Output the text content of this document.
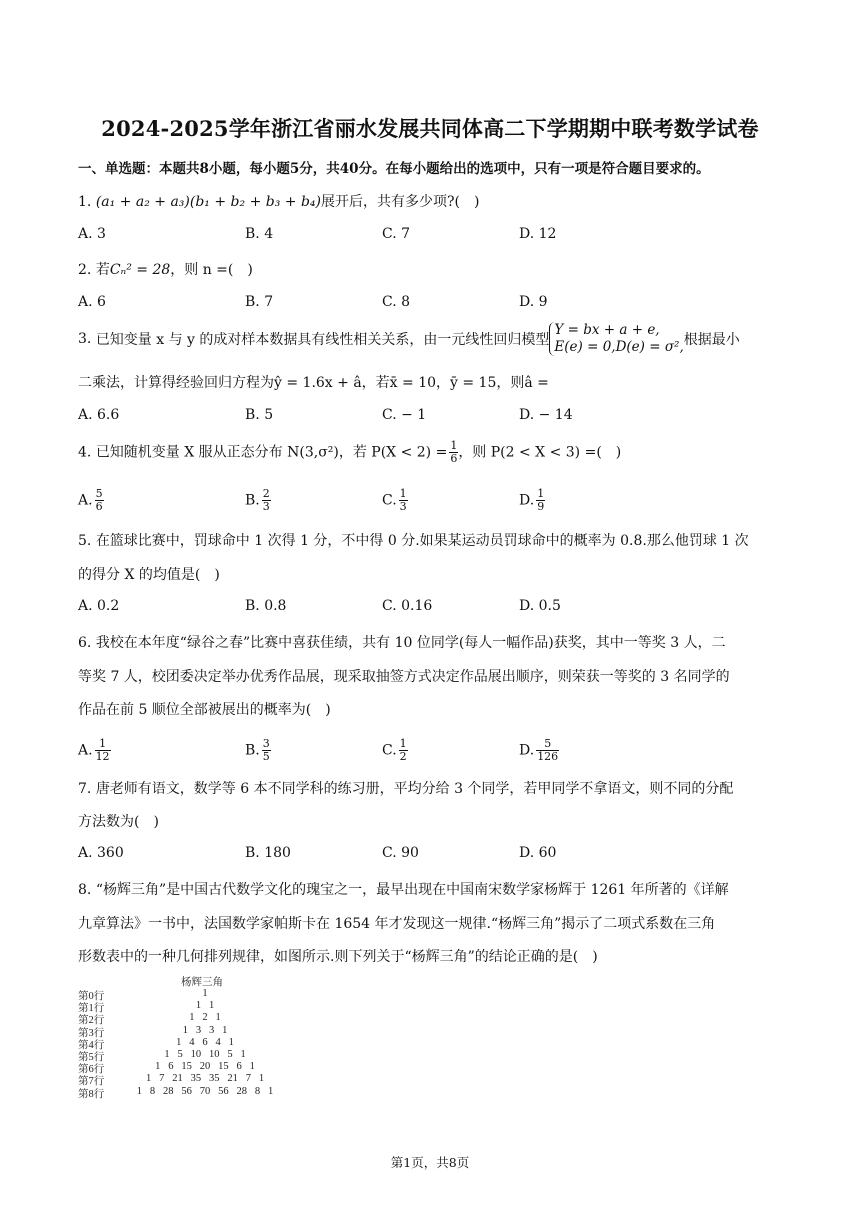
2024-2025学年浙江省丽水发展共同体高二下学期期中联考数学试卷
一、单选题：本题共8小题，每小题5分，共40分。在每小题给出的选项中，只有一项是符合题目要求的。
1. (a₁ + a₂ + a₃)(b₁ + b₂ + b₃ + b₄)展开后，共有多少项?(　)
A. 3	B. 4	C. 7	D. 12
2. 若Cₙ² = 28，则 n =(　)
A. 6	B. 7	C. 8	D. 9
3. 已知变量 x 与 y 的成对样本数据具有线性相关关系，由一元线性回归模型
Y = bx + a + e,
E(e) = 0,D(e) = σ², 根据最小
二乘法，计算得经验回归方程为ŷ = 1.6x + â，若x̄ = 10，ȳ = 15，则â =
A. 6.6	B. 5	C. − 1	D. − 14
4. 已知随机变量 X 服从正态分布 N(3,σ²)，若 $P(X < 2) = \frac{1}{6}$ ，则 P(2 < X < 3) =(　)
A. $\frac{5}{6}$	B. $\frac{2}{3}$	C. $\frac{1}{3}$	D. $\frac{1}{9}$
5. 在篮球比赛中，罚球命中 1 次得 1 分，不中得 0 分.如果某运动员罚球命中的概率为 0.8.那么他罚球 1 次
的得分 X 的均值是(　)
A. 0.2	B. 0.8	C. 0.16	D. 0.5
6. 我校在本年度“绿谷之春”比赛中喜获佳绩，共有 10 位同学(每人一幅作品)获奖，其中一等奖 3 人，二
等奖 7 人，校团委决定举办优秀作品展，现采取抽签方式决定作品展出顺序，则荣获一等奖的 3 名同学的
作品在前 5 顺位全部被展出的概率为(　)
A. $\frac{1}{12}$	B. $\frac{3}{5}$	C. $\frac{1}{2}$	D. $\frac{5}{126}$
7. 唐老师有语文，数学等 6 本不同学科的练习册，平均分给 3 个同学，若甲同学不拿语文，则不同的分配
方法数为(　)
A. 360	B. 180	C. 90	D. 60
8. “杨辉三角”是中国古代数学文化的瑰宝之一，最早出现在中国南宋数学家杨辉于 1261 年所著的《详解
九章算法》一书中，法国数学家帕斯卡在 1654 年才发现这一规律.“杨辉三角”揭示了二项式系数在三角
形数表中的一种几何排列规律，如图所示.则下列关于“杨辉三角”的结论正确的是(　)
杨辉三角
第0行	1
第1行	1   1
第2行	1   2   1
第3行	1   3   3   1
第4行	1   4   6   4   1
第5行	1   5   10   10   5   1
第6行	1   6   15   20   15   6   1
第7行	1   7   21   35   35   21   7   1
第8行	1   8   28   56   70   56   28   8   1
第1页，共8页
